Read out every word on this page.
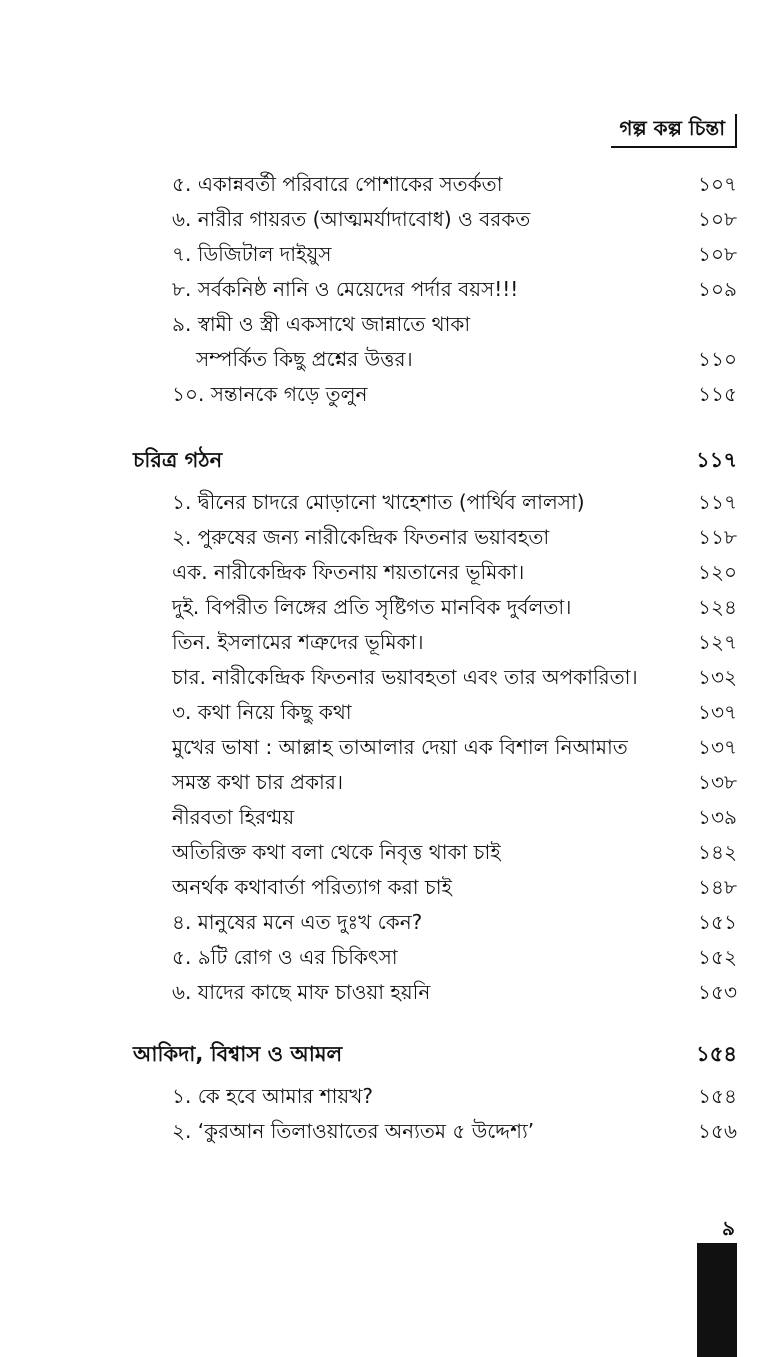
গল্প কল্প চিন্তা
৫. একান্নবর্তী পরিবারে পোশাকের সতর্কতা	১০৭
৬. নারীর গায়রত (আত্মমর্যাদাবোধ) ও বরকত	১০৮
৭. ডিজিটাল দাইয়ুস	১০৮
৮. সর্বকনিষ্ঠ নানি ও মেয়েদের পর্দার বয়স!!!	১০৯
৯. স্বামী ও স্ত্রী একসাথে জান্নাতে থাকা
সম্পর্কিত কিছু প্রশ্নের উত্তর।	১১০
১০. সন্তানকে গড়ে তুলুন	১১৫
চরিত্র গঠন	১১৭
১. দ্বীনের চাদরে মোড়ানো খাহেশাত (পার্থিব লালসা)	১১৭
২. পুরুষের জন্য নারীকেন্দ্রিক ফিতনার ভয়াবহতা	১১৮
এক. নারীকেন্দ্রিক ফিতনায় শয়তানের ভূমিকা।	১২০
দুই. বিপরীত লিঙ্গের প্রতি সৃষ্টিগত মানবিক দুর্বলতা।	১২৪
তিন. ইসলামের শত্রুদের ভূমিকা।	১২৭
চার. নারীকেন্দ্রিক ফিতনার ভয়াবহতা এবং তার অপকারিতা।	১৩২
৩. কথা নিয়ে কিছু কথা	১৩৭
মুখের ভাষা : আল্লাহ তাআলার দেয়া এক বিশাল নিআমাত	১৩৭
সমস্ত কথা চার প্রকার।	১৩৮
নীরবতা হিরণ্ময়	১৩৯
অতিরিক্ত কথা বলা থেকে নিবৃত্ত থাকা চাই	১৪২
অনর্থক কথাবার্তা পরিত্যাগ করা চাই	১৪৮
৪. মানুষের মনে এত দুঃখ কেন?	১৫১
৫. ৯টি রোগ ও এর চিকিৎসা	১৫২
৬. যাদের কাছে মাফ চাওয়া হয়নি	১৫৩
আকিদা, বিশ্বাস ও আমল	১৫৪
১. কে হবে আমার শায়খ?	১৫৪
২. ‘কুরআন তিলাওয়াতের অন্যতম ৫ উদ্দেশ্য’	১৫৬
৯
